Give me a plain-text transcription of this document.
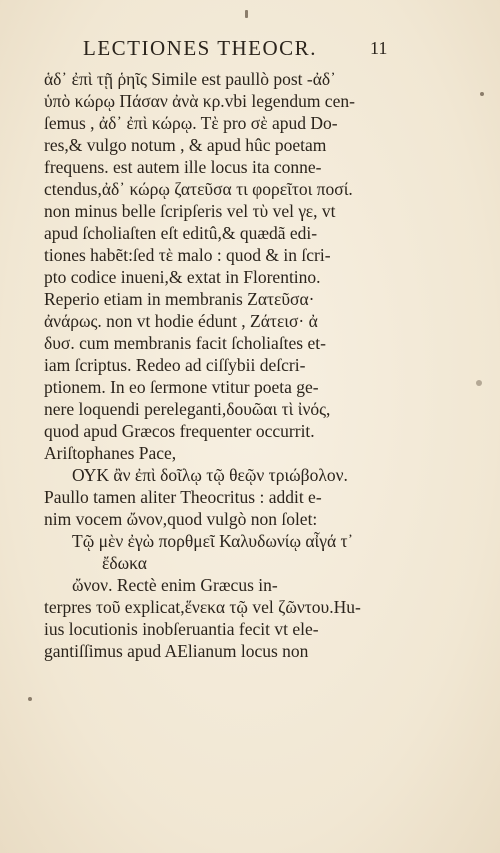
LECTIONES THEOCR.	11
ἁδ᾽ ἐπὶ τῇ ῥηῖς Simile est paullò post -ἀδ᾽
ὑπὸ κώρῳ Πάσαν ἀνὰ κρ.vbi legendum cen-
ſemus , ἀδ᾽ ἐπὶ κώρῳ. Τὲ pro σὲ apud Do-
res,& vulgo notum , & apud hûc poetam
frequens. est autem ille locus ita conne-
ctendus,ἀδ᾽ κώρῳ ζατεῦσα τι φορεῖτοι ποσί.
non minus belle ſcripſeris vel τὺ vel γε, vt
apud ſcholiaſten eſt editû,& quædã edi-
tiones habẽt:ſed τὲ malo : quod & in ſcri-
pto codice inueni,& extat in Florentino.
Reperio etiam in membranis Ζατεῦσα·
ἀνάρως. non vt hodie édunt , Ζάτεισ· ἀ
δυσ. cum membranis facit ſcholiaſtes et-
iam ſcriptus. Redeo ad ciſſybii deſcri-
ptionem. In eo ſermone vtitur poeta ge-
nere loquendi pereleganti,δουῶαι τὶ ἰνός,
quod apud Græcos frequenter occurrit.
Ariſtophanes Pace,
ΟΥΚ ἂν ἐπὶ δοῖλῳ τῷ θεῷν τριώβολον.
Paullo tamen aliter Theocritus : addit e-
nim vocem ὤνον,quod vulgò non ſolet:
Τῷ μὲν ἐγὼ πορθμεῖ Καλυδωνίῳ αἶγά τ᾽
ἔδωκα
ὤνον. Rectè enim Græcus in-
terpres τοῦ explicat,ἕνεκα τῷ vel ζῶντου.Hu-
ius locutionis inobſeruantia fecit vt ele-
gantiſſimus apud AElianum locus non
